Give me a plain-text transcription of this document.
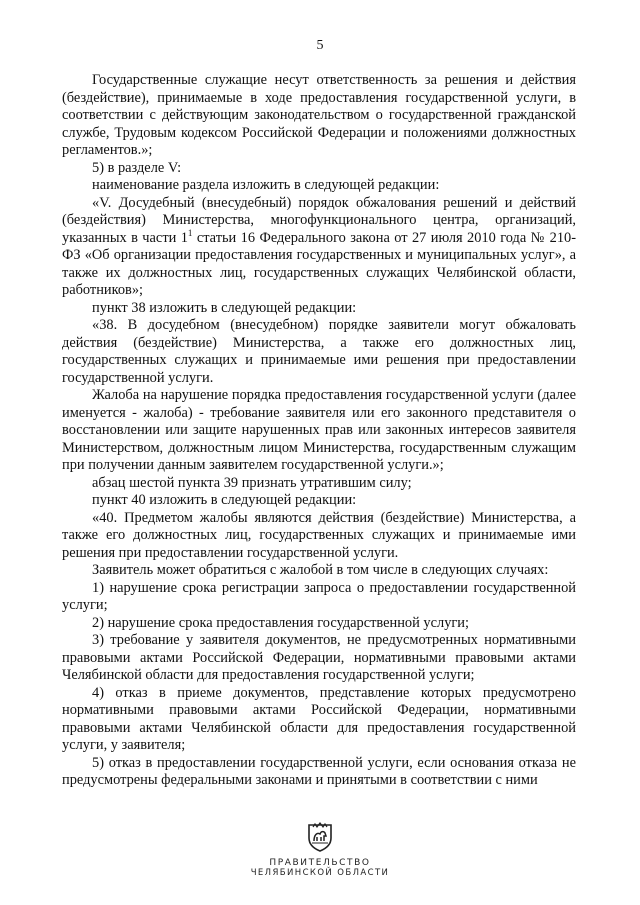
5

Государственные служащие несут ответственность за решения и действия (бездействие), принимаемые в ходе предоставления государственной услуги, в соответствии с действующим законодательством о государственной гражданской службе, Трудовым кодексом Российской Федерации и положениями должностных регламентов.»;

5) в разделе V:

наименование раздела изложить в следующей редакции:

«V. Досудебный (внесудебный) порядок обжалования решений и действий (бездействия) Министерства, многофункционального центра, организаций, указанных в части $1^1$ статьи 16 Федерального закона от 27 июля 2010 года № 210-ФЗ «Об организации предоставления государственных и муниципальных услуг», а также их должностных лиц, государственных служащих Челябинской области, работников»;

пункт 38 изложить в следующей редакции:

«38. В досудебном (внесудебном) порядке заявители могут обжаловать действия (бездействие) Министерства, а также его должностных лиц, государственных служащих и принимаемые ими решения при предоставлении государственной услуги.

Жалоба на нарушение порядка предоставления государственной услуги (далее именуется - жалоба) - требование заявителя или его законного представителя о восстановлении или защите нарушенных прав или законных интересов заявителя Министерством, должностным лицом Министерства, государственным служащим при получении данным заявителем государственной услуги.»;

абзац шестой пункта 39 признать утратившим силу;

пункт 40 изложить в следующей редакции:

«40. Предметом жалобы являются действия (бездействие) Министерства, а также его должностных лиц, государственных служащих и принимаемые ими решения при предоставлении государственной услуги.

Заявитель может обратиться с жалобой в том числе в следующих случаях:

1) нарушение срока регистрации запроса о предоставлении государственной услуги;

2) нарушение срока предоставления государственной услуги;

3) требование у заявителя документов, не предусмотренных нормативными правовыми актами Российской Федерации, нормативными правовыми актами Челябинской области для предоставления государственной услуги;

4) отказ в приеме документов, представление которых предусмотрено нормативными правовыми актами Российской Федерации, нормативными правовыми актами Челябинской области для предоставления государственной услуги, у заявителя;

5) отказ в предоставлении государственной услуги, если основания отказа не предусмотрены федеральными законами и принятыми в соответствии с ними

ПРАВИТЕЛЬСТВО
ЧЕЛЯБИНСКОЙ ОБЛАСТИ
